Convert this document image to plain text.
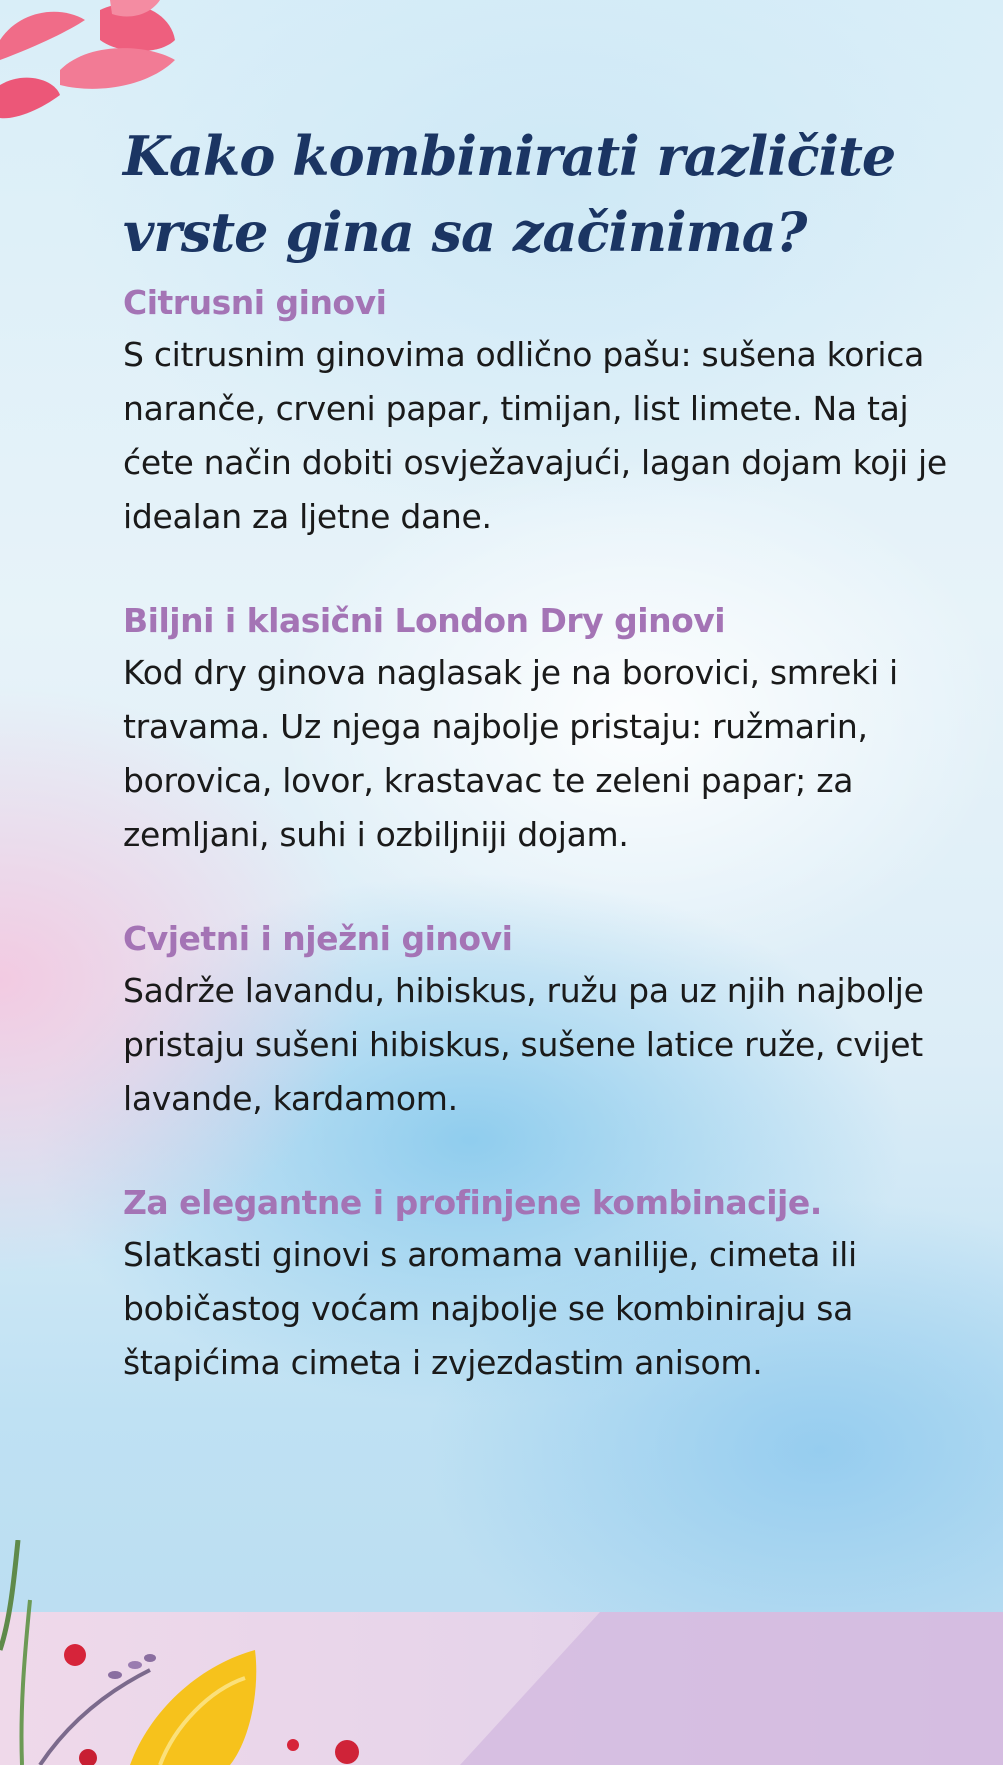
Kako kombinirati različite vrste gina sa začinima?
Citrusni ginovi

S citrusnim ginovima odlično pašu: sušena korica naranče, crveni papar, timijan, list limete. Na taj ćete način dobiti osvježavajući, lagan dojam koji je idealan za ljetne dane.

Biljni i klasični London Dry ginovi

Kod dry ginova naglasak je na borovici, smreki i travama. Uz njega najbolje pristaju: ružmarin, borovica, lovor, krastavac te zeleni papar; za zemljani, suhi i ozbiljniji dojam.

Cvjetni i nježni ginovi

Sadrže lavandu, hibiskus, ružu pa uz njih najbolje pristaju sušeni hibiskus, sušene latice ruže, cvijet lavande, kardamom.

Za elegantne i profinjene kombinacije.

Slatkasti ginovi s aromama vanilije, cimeta ili bobičastog voćam najbolje se kombiniraju sa štapićima cimeta i zvjezdastim anisom.
